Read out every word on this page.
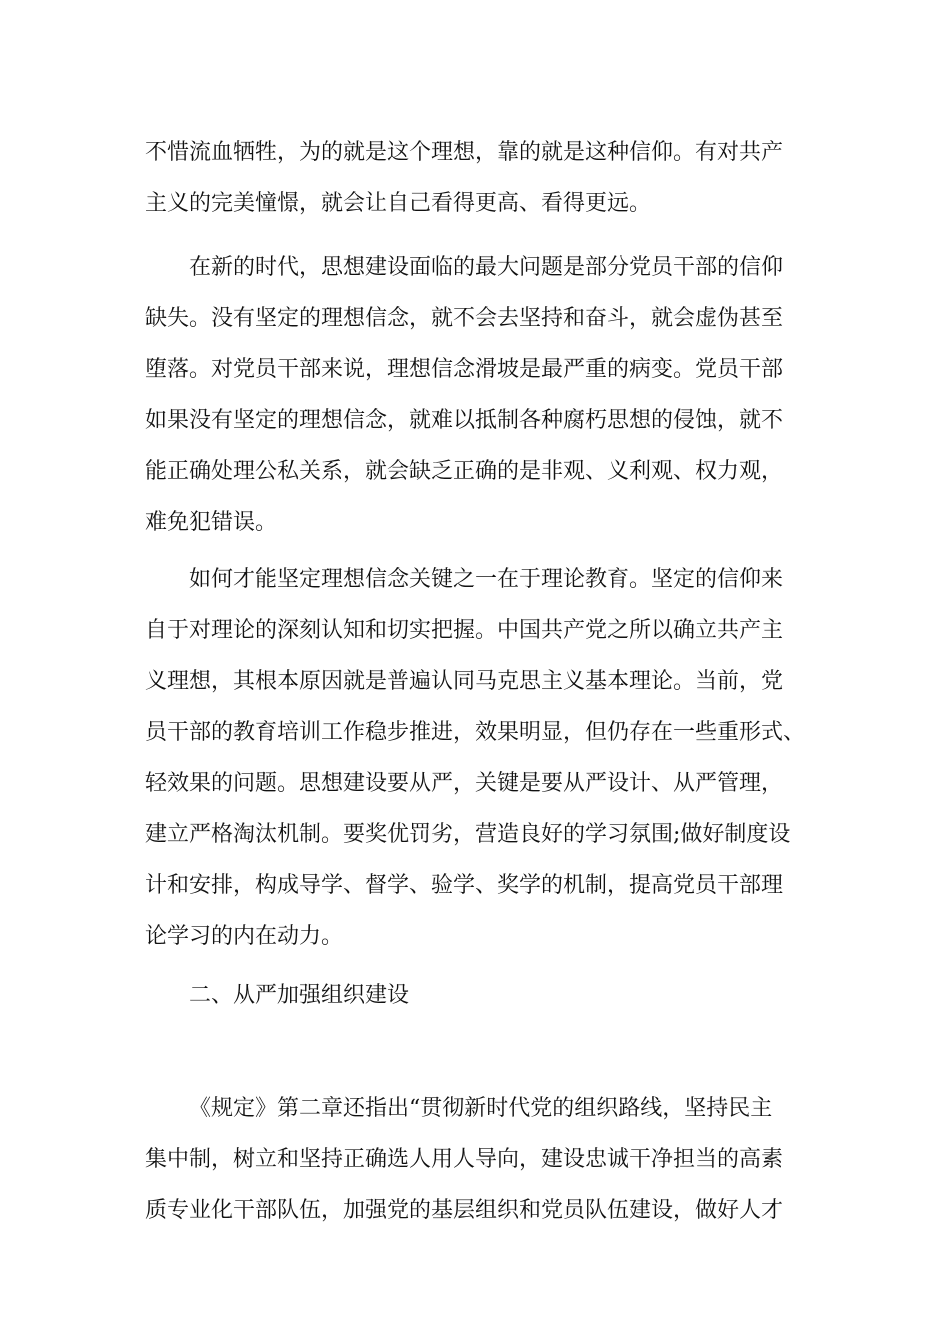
不惜流血牺牲，为的就是这个理想，靠的就是这种信仰。有对共产
主义的完美憧憬，就会让自己看得更高、看得更远。

在新的时代，思想建设面临的最大问题是部分党员干部的信仰
缺失。没有坚定的理想信念，就不会去坚持和奋斗，就会虚伪甚至
堕落。对党员干部来说，理想信念滑坡是最严重的病变。党员干部
如果没有坚定的理想信念，就难以抵制各种腐朽思想的侵蚀，就不
能正确处理公私关系，就会缺乏正确的是非观、义利观、权力观，
难免犯错误。

如何才能坚定理想信念关键之一在于理论教育。坚定的信仰来
自于对理论的深刻认知和切实把握。中国共产党之所以确立共产主
义理想，其根本原因就是普遍认同马克思主义基本理论。当前，党
员干部的教育培训工作稳步推进，效果明显，但仍存在一些重形式、
轻效果的问题。思想建设要从严，关键是要从严设计、从严管理，
建立严格淘汰机制。要奖优罚劣，营造良好的学习氛围;做好制度设
计和安排，构成导学、督学、验学、奖学的机制，提高党员干部理
论学习的内在动力。

二、从严加强组织建设

《规定》第二章还指出“贯彻新时代党的组织路线，坚持民主
集中制，树立和坚持正确选人用人导向，建设忠诚干净担当的高素
质专业化干部队伍，加强党的基层组织和党员队伍建设，做好人才
